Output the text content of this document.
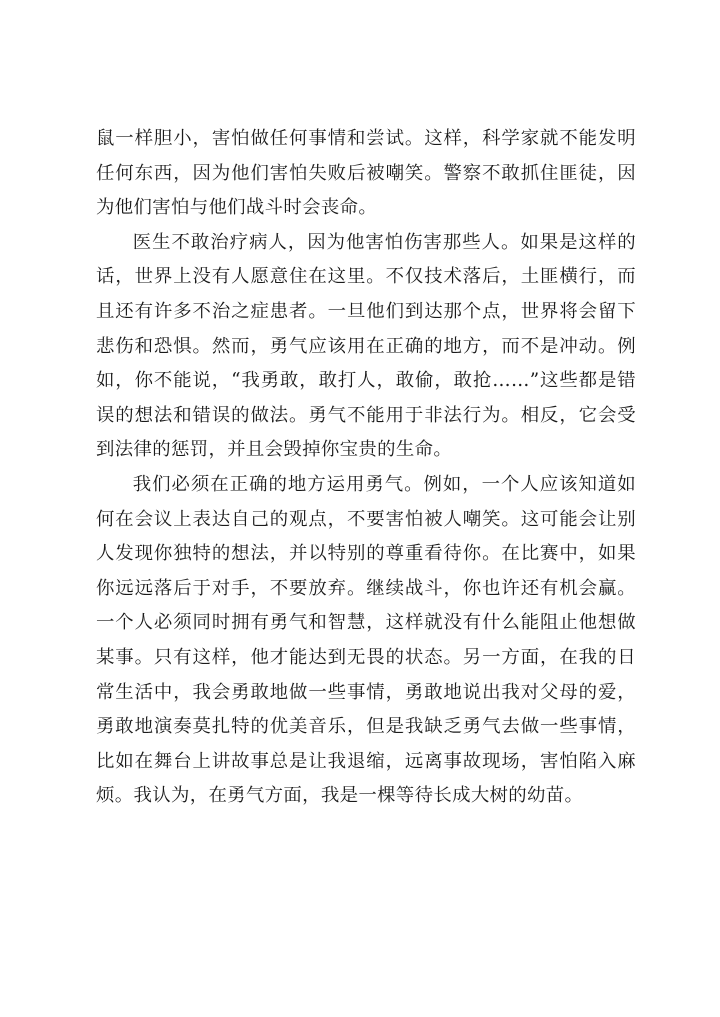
鼠一样胆小，害怕做任何事情和尝试。这样，科学家就不能发明任何东西，因为他们害怕失败后被嘲笑。警察不敢抓住匪徒，因为他们害怕与他们战斗时会丧命。

医生不敢治疗病人，因为他害怕伤害那些人。如果是这样的话，世界上没有人愿意住在这里。不仅技术落后，土匪横行，而且还有许多不治之症患者。一旦他们到达那个点，世界将会留下悲伤和恐惧。然而，勇气应该用在正确的地方，而不是冲动。例如，你不能说，“我勇敢，敢打人，敢偷，敢抢……”这些都是错误的想法和错误的做法。勇气不能用于非法行为。相反，它会受到法律的惩罚，并且会毁掉你宝贵的生命。

我们必须在正确的地方运用勇气。例如，一个人应该知道如何在会议上表达自己的观点，不要害怕被人嘲笑。这可能会让别人发现你独特的想法，并以特别的尊重看待你。在比赛中，如果你远远落后于对手，不要放弃。继续战斗，你也许还有机会赢。一个人必须同时拥有勇气和智慧，这样就没有什么能阻止他想做某事。只有这样，他才能达到无畏的状态。另一方面，在我的日常生活中，我会勇敢地做一些事情，勇敢地说出我对父母的爱，勇敢地演奏莫扎特的优美音乐，但是我缺乏勇气去做一些事情，比如在舞台上讲故事总是让我退缩，远离事故现场，害怕陷入麻烦。我认为，在勇气方面，我是一棵等待长成大树的幼苗。
